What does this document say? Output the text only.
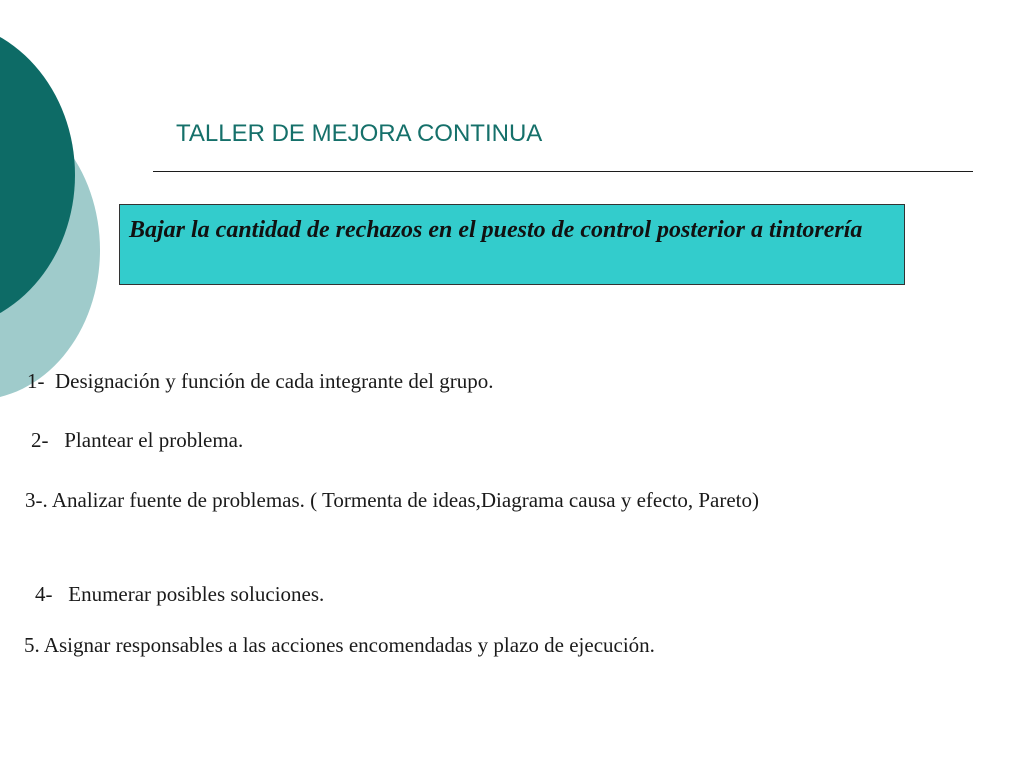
TALLER DE MEJORA CONTINUA
Bajar la cantidad de rechazos en el puesto de control posterior a tintorería
1-  Designación y función de cada integrante del grupo.
2-   Plantear el problema.
3-. Analizar fuente de problemas. ( Tormenta de ideas,Diagrama causa y efecto, Pareto)
4-   Enumerar posibles soluciones.
5. Asignar responsables a las acciones encomendadas y plazo de ejecución.
